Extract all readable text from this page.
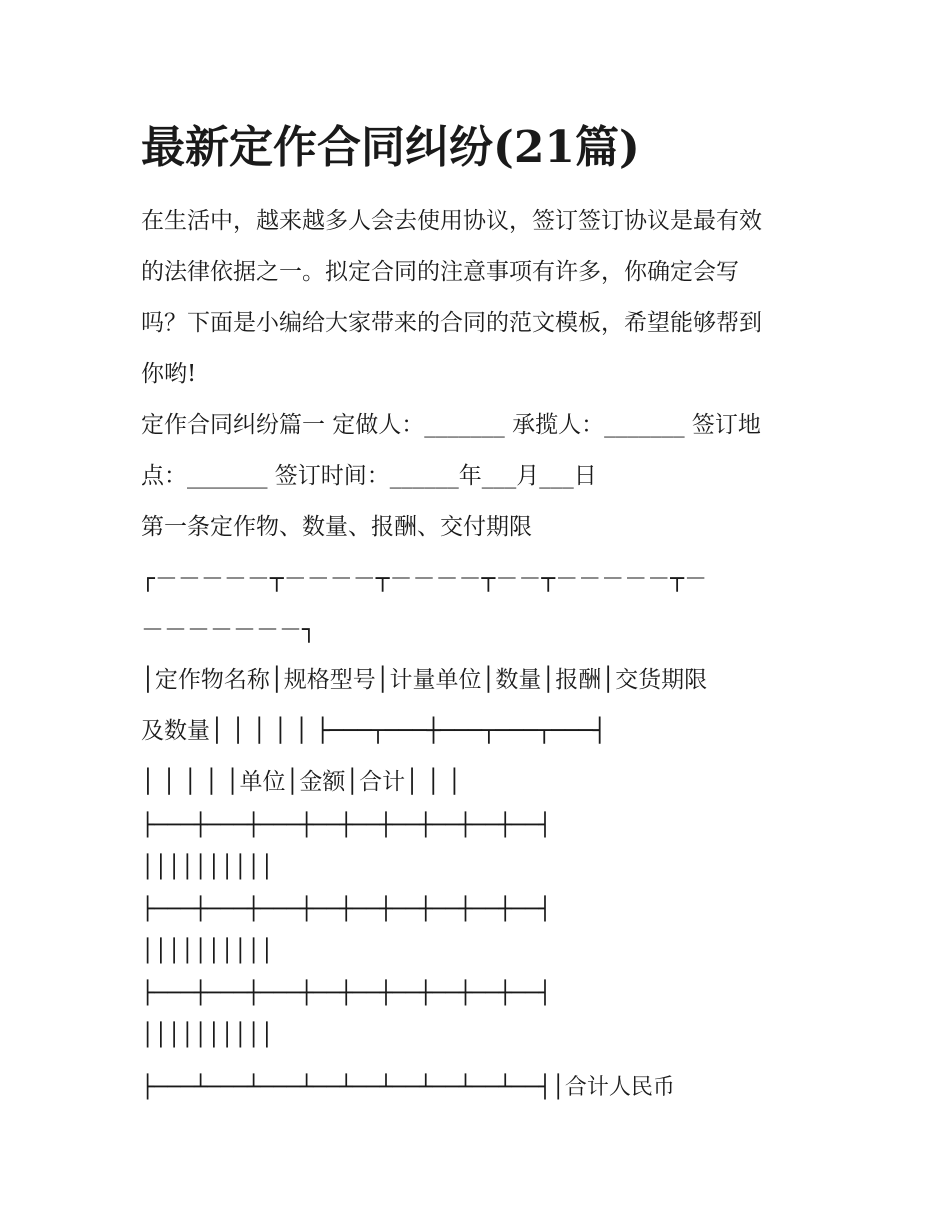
最新定作合同纠纷(21篇)

在生活中，越来越多人会去使用协议，签订签订协议是最有效

的法律依据之一。拟定合同的注意事项有许多，你确定会写

吗？下面是小编给大家带来的合同的范文模板，希望能够帮到

你哟!

定作合同纠纷篇一 定做人：_______ 承揽人：_______ 签订地

点：_______ 签订时间：______年___月___日

第一条定作物、数量、报酬、交付期限

┌－－－－－┬－－－－┬－－－－┬－－┬－－－－－┬－
－－－－－－－┐
│定作物名称│规格型号│计量单位│数量│报酬│交货期限
及数量│ │ │ │ │ ├───┬───┼───┬───┬───┤
│ │ │ │ │单位│金额│合计│ │ │
├───┼───┼───┼──┼──┼──┼──┼──┼──┤
││││││││││
├───┼───┼───┼──┼──┼──┼──┼──┼──┤
││││││││││
├───┼───┼───┼──┼──┼──┼──┼──┼──┤
││││││││││
├───┴───┴───┴──┴──┴──┴──┴──┴──┤│合计人民币
